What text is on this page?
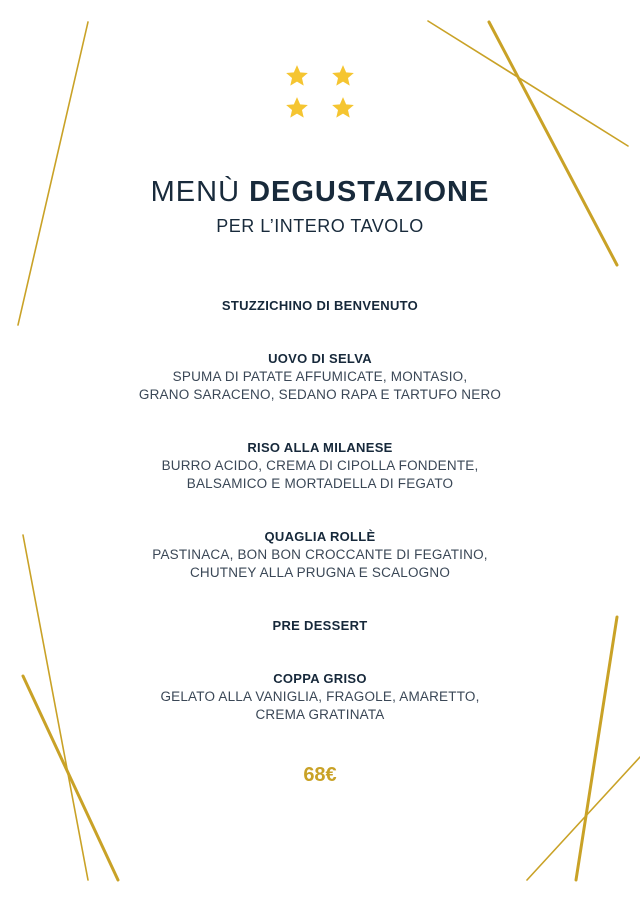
MENÙ DEGUSTAZIONE
PER L’INTERO TAVOLO
STUZZICHINO DI BENVENUTO
UOVO DI SELVA
SPUMA DI PATATE AFFUMICATE, MONTASIO,
GRANO SARACENO, SEDANO RAPA E TARTUFO NERO
RISO ALLA MILANESE
BURRO ACIDO, CREMA DI CIPOLLA FONDENTE,
BALSAMICO E MORTADELLA DI FEGATO
QUAGLIA ROLLÈ
PASTINACA, BON BON CROCCANTE DI FEGATINO,
CHUTNEY ALLA PRUGNA E SCALOGNO
PRE DESSERT
COPPA GRISO
GELATO ALLA VANIGLIA, FRAGOLE, AMARETTO,
CREMA GRATINATA
68€
